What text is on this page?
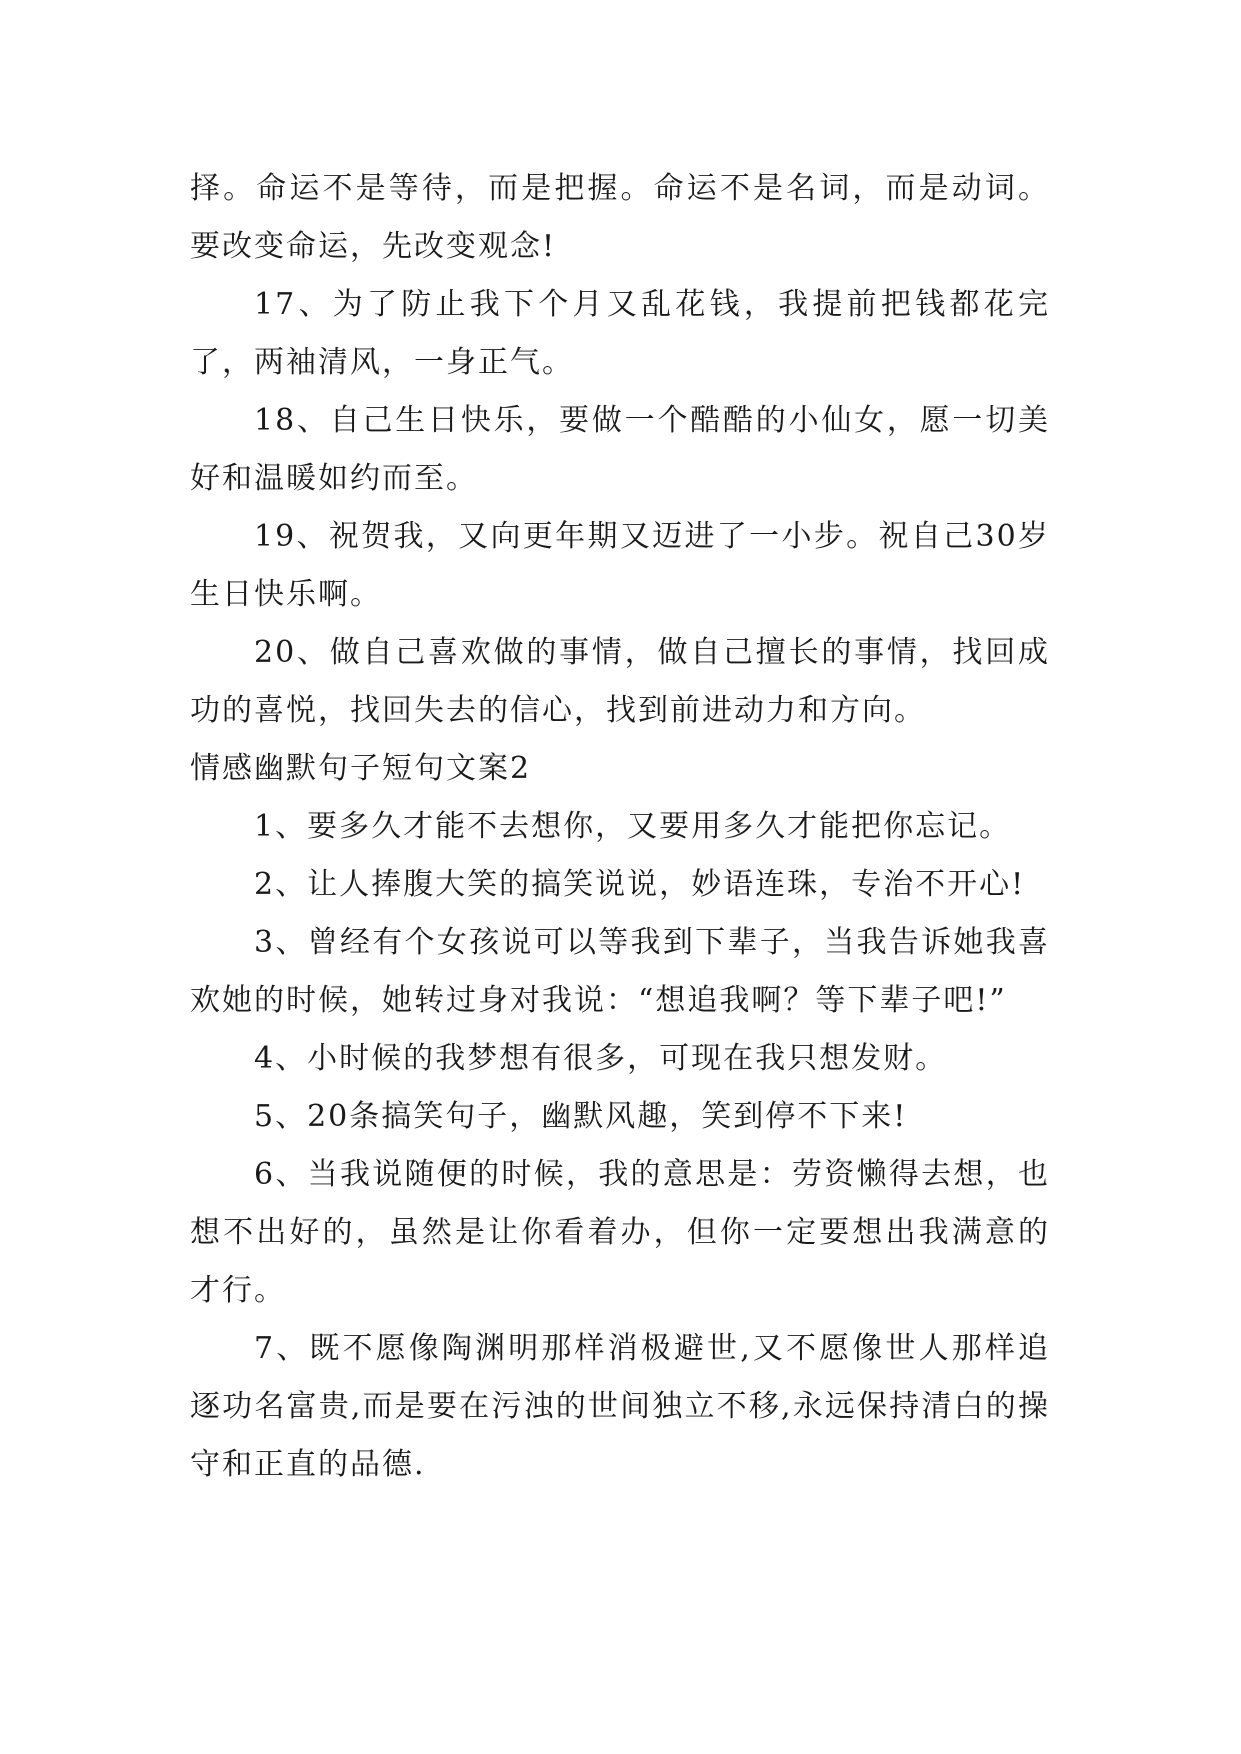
择。命运不是等待，而是把握。命运不是名词，而是动词。要改变命运，先改变观念!

17、为了防止我下个月又乱花钱，我提前把钱都花完了，两袖清风，一身正气。

18、自己生日快乐，要做一个酷酷的小仙女，愿一切美好和温暖如约而至。

19、祝贺我，又向更年期又迈进了一小步。祝自己30岁生日快乐啊。

20、做自己喜欢做的事情，做自己擅长的事情，找回成功的喜悦，找回失去的信心，找到前进动力和方向。

情感幽默句子短句文案2

1、要多久才能不去想你，又要用多久才能把你忘记。

2、让人捧腹大笑的搞笑说说，妙语连珠，专治不开心!

3、曾经有个女孩说可以等我到下辈子，当我告诉她我喜欢她的时候，她转过身对我说：“想追我啊？等下辈子吧!”

4、小时候的我梦想有很多，可现在我只想发财。

5、20条搞笑句子，幽默风趣，笑到停不下来!

6、当我说随便的时候，我的意思是：劳资懒得去想，也想不出好的，虽然是让你看着办，但你一定要想出我满意的才行。

7、既不愿像陶渊明那样消极避世,又不愿像世人那样追逐功名富贵,而是要在污浊的世间独立不移,永远保持清白的操守和正直的品德.
